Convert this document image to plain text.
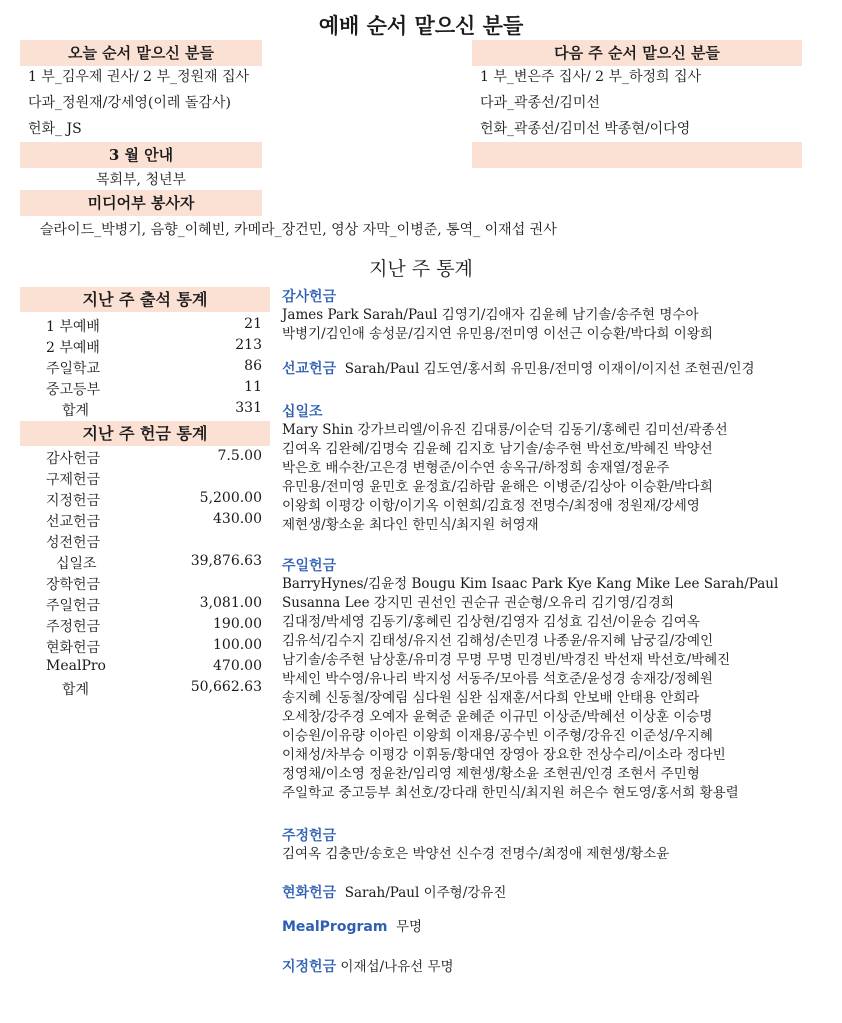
예배 순서 맡으신 분들
오늘 순서 맡으신 분들
1 부_김우제 권사/ 2 부_정원재 집사
다과_정원재/강세영(이레 돌감사)
헌화_ JS
다음 주 순서 맡으신 분들
1 부_변은주 집사/ 2 부_하정희 집사
다과_곽종선/김미선
헌화_곽종선/김미선 박종현/이다영
3 월 안내
목회부, 청년부
미디어부 봉사자
슬라이드_박병기, 음향_이혜빈, 카메라_장건민, 영상 자막_이병준, 통역_ 이재섭 권사
지난 주 통계
지난 주 출석 통계
1 부예배	21
2 부예배	213
주일학교	86
중고등부	11
합계	331
지난 주 헌금 통계
감사헌금	7.5.00
구제헌금
지정헌금	5,200.00
선교헌금	430.00
성전헌금
십일조	39,876.63
장학헌금
주일헌금	3,081.00
주정헌금	190.00
현화헌금	100.00
MealPro	470.00
합계	50,662.63
감사헌금
James Park Sarah/Paul 김영기/김애자 김윤혜 남기솔/송주현 명수아
박병기/김인애 송성문/김지연 유민용/전미영 이선근 이승환/박다희 이왕희
선교헌금 Sarah/Paul 김도연/홍서희 유민용/전미영 이재이/이지선 조현권/인경
십일조
Mary Shin 강가브리엘/이유진 김대룡/이순덕 김동기/홍혜린 김미선/곽종선
김여옥 김완혜/김명숙 김윤혜 김지호 남기솔/송주현 박선호/박혜진 박양선
박은호 배수찬/고은경 변형준/이수연 송옥규/하정희 송재열/정윤주
유민용/전미영 윤민호 윤정효/김하람 윤해은 이병준/김상아 이승환/박다희
이왕희 이평강 이항/이기옥 이현희/김효정 전명수/최정애 정원재/강세영
제현생/황소윤 최다인 한민식/최지원 허영재
주일헌금
BarryHynes/김윤정 Bougu Kim Isaac Park Kye Kang Mike Lee Sarah/Paul
Susanna Lee 강지민 권선인 권순규 권순형/오유리 김기영/김경희
김대정/박세영 김동기/홍혜린 김상현/김영자 김성효 김선/이윤승 김여옥
김유석/김수지 김태성/유지선 김해성/손민경 나종윤/유지혜 남궁길/강예인
남기솔/송주현 남상훈/유미경 무명 무명 민경빈/박경진 박선재 박선호/박혜진
박세인 박수영/유나리 박지성 서동주/모아름 석호준/윤성경 송재강/정혜원
송지혜 신동철/장예림 심다원 심완 심재훈/서다희 안보배 안태용 안희라
오세창/강주경 오예자 윤혁준 윤혜준 이규민 이상준/박혜선 이상훈 이승명
이승원/이유량 이아린 이왕희 이재용/공수빈 이주형/강유진 이준성/우지혜
이채성/차부승 이평강 이휘동/황대연 장영아 장요한 전상수리/이소라 정다빈
정영채/이소영 정윤찬/임리영 제현생/황소윤 조현권/인경 조현서 주민형
주일학교 중고등부 최선호/강다래 한민식/최지원 허은수 현도영/홍서희 황용렬
주정헌금
김여옥 김충만/송호은 박양선 신수경 전명수/최정애 제현생/황소윤
현화헌금 Sarah/Paul 이주형/강유진
MealProgram 무명
지정헌금 이재섭/나유선 무명
